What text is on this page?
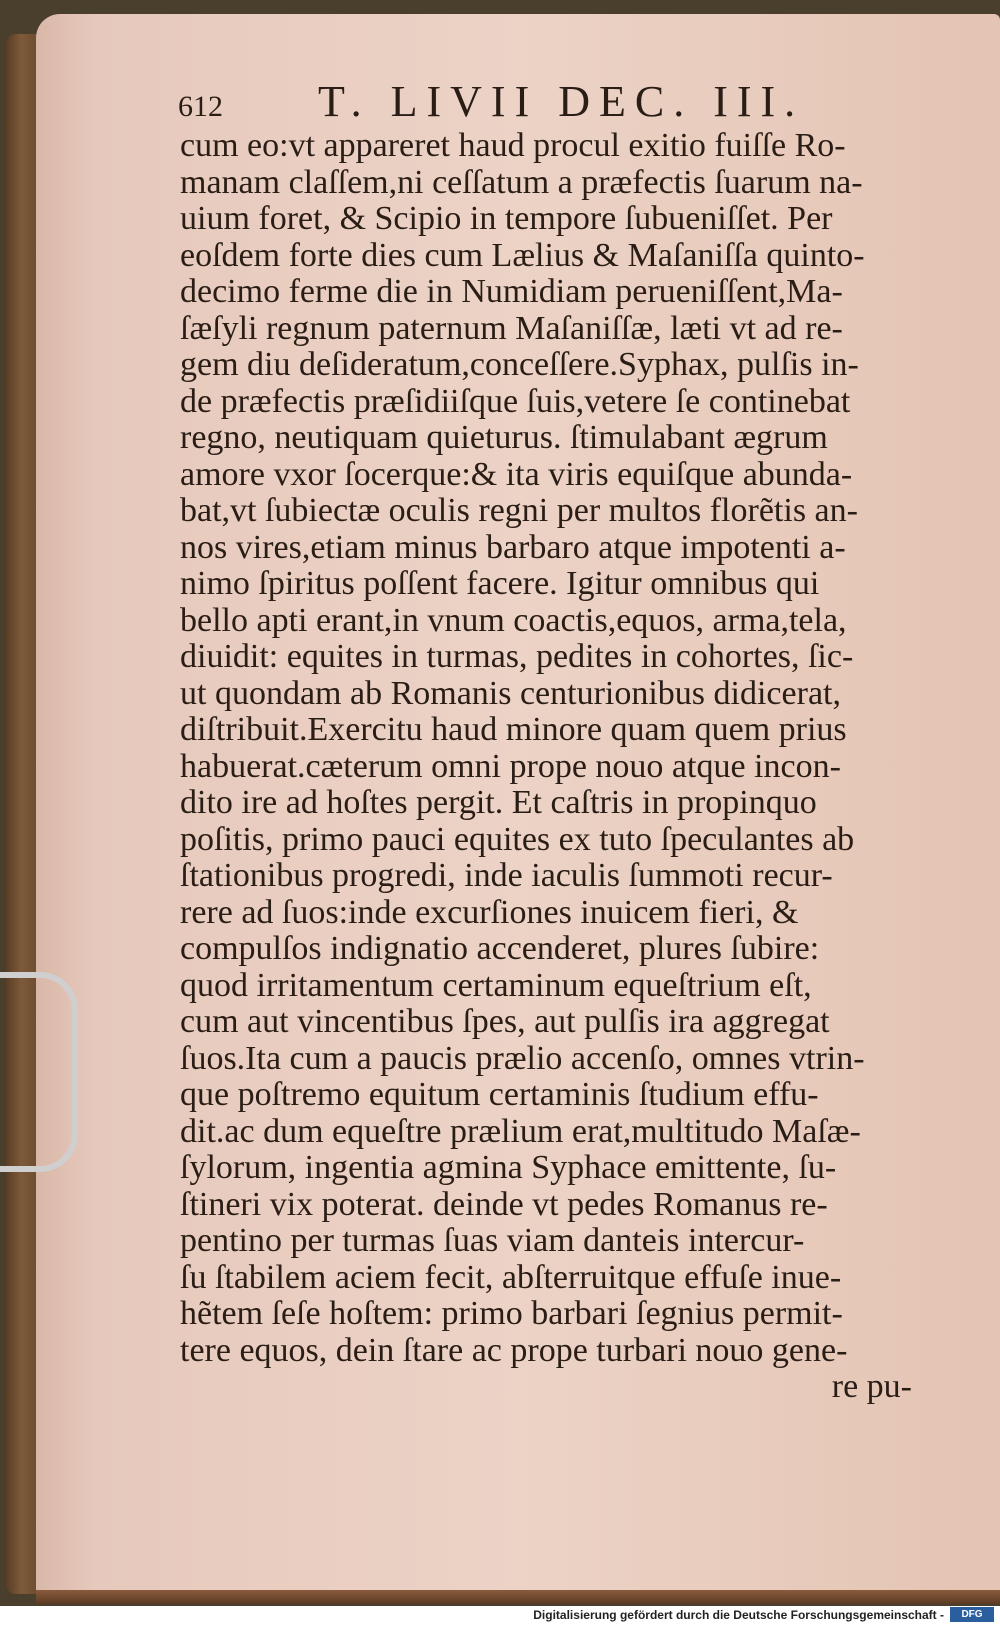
612 T. LIVII DEC. III.
cum eo:vt appareret haud procul exitio fuiſſe Ro-
manam claſſem,ni ceſſatum a præfectis ſuarum na-
uium foret, & Scipio in tempore ſubueniſſet. Per
eoſdem forte dies cum Lælius & Maſaniſſa quinto-
decimo ferme die in Numidiam perueniſſent,Ma-
ſæſyli regnum paternum Maſaniſſæ, læti vt ad re-
gem diu deſideratum,conceſſere.Syphax, pulſis in-
de præfectis præſidiiſque ſuis,vetere ſe continebat
regno, neutiquam quieturus. ſtimulabant ægrum
amore vxor ſocerque:& ita viris equiſque abunda-
bat,vt ſubiectæ oculis regni per multos florẽtis an-
nos vires,etiam minus barbaro atque impotenti a-
nimo ſpiritus poſſent facere. Igitur omnibus qui
bello apti erant,in vnum coactis,equos, arma,tela,
diuidit: equites in turmas, pedites in cohortes, ſic-
ut quondam ab Romanis centurionibus didicerat,
diſtribuit.Exercitu haud minore quam quem prius
habuerat.cæterum omni prope nouo atque incon-
dito ire ad hoſtes pergit. Et caſtris in propinquo
poſitis, primo pauci equites ex tuto ſpeculantes ab
ſtationibus progredi, inde iaculis ſummoti recur-
rere ad ſuos:inde excurſiones inuicem fieri, &
compulſos indignatio accenderet, plures ſubire:
quod irritamentum certaminum equeſtrium eſt,
cum aut vincentibus ſpes, aut pulſis ira aggregat
ſuos.Ita cum a paucis prælio accenſo, omnes vtrin-
que poſtremo equitum certaminis ſtudium effu-
dit.ac dum equeſtre prælium erat,multitudo Maſæ-
ſylorum, ingentia agmina Syphace emittente, ſu-
ſtineri vix poterat. deinde vt pedes Romanus re-
pentino per turmas ſuas viam danteis intercur-
ſu ſtabilem aciem fecit, abſterruitque effuſe inue-
hẽtem ſeſe hoſtem: primo barbari ſegnius permit-
tere equos, dein ſtare ac prope turbari nouo gene-
re pu-
Digitalisierung gefördert durch die Deutsche Forschungsgemeinschaft -	DFG
